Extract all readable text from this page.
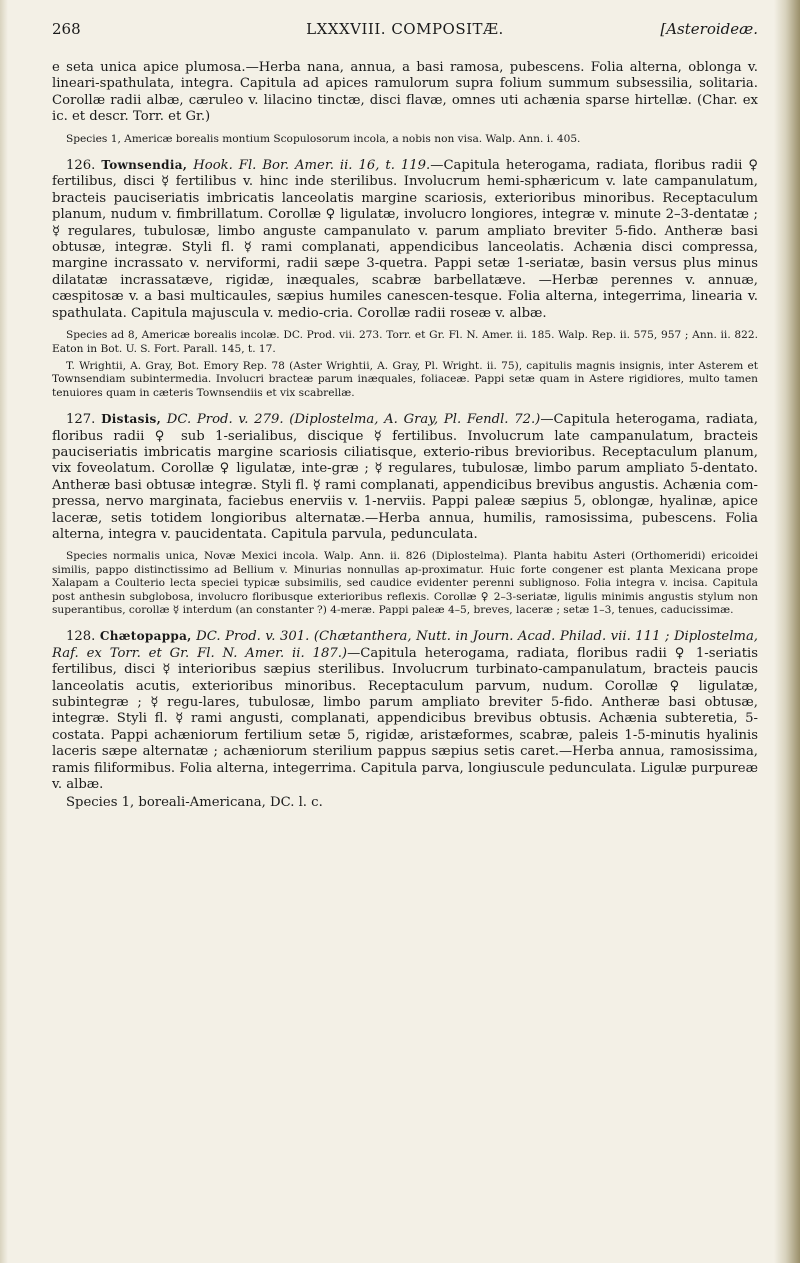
268	LXXXVIII. COMPOSITÆ.	[Asteroideæ.

e seta unica apice plumosa.—Herba nana, annua, a basi ramosa, pubescens. Folia alterna, oblonga v. lineari-spathulata, integra. Capitula ad apices ramulorum supra folium summum subsessilia, solitaria. Corollæ radii albæ, cæruleo v. lilacino tinctæ, disci flavæ, omnes uti achænia sparse hirtellæ. (Char. ex ic. et descr. Torr. et Gr.)

Species 1, Americæ borealis montium Scopulosorum incola, a nobis non visa. Walp. Ann. i. 405.

126. Townsendia, Hook. Fl. Bor. Amer. ii. 16, t. 119.—Capitula heterogama, radiata, floribus radii ♀ fertilibus, disci ☿ fertilibus v. hinc inde sterilibus. Involucrum hemi-sphæricum v. late campanulatum, bracteis pauciseriatis imbricatis lanceolatis margine scariosis, exterioribus minoribus. Receptaculum planum, nudum v. fimbrillatum. Corollæ ♀ ligulatæ, involucro longiores, integræ v. minute 2–3-dentatæ ; ☿ regulares, tubulosæ, limbo anguste campanulato v. parum ampliato breviter 5-fido. Antheræ basi obtusæ, integræ. Styli fl. ☿ rami complanati, appendicibus lanceolatis. Achænia disci compressa, margine incrassato v. nerviformi, radii sæpe 3-quetra. Pappi setæ 1-seriatæ, basin versus plus minus dilatatæ incrassatæve, rigidæ, inæquales, scabræ barbellatæve. —Herbæ perennes v. annuæ, cæspitosæ v. a basi multicaules, sæpius humiles canescen-tesque. Folia alterna, integerrima, linearia v. spathulata. Capitula majuscula v. medio-cria. Corollæ radii roseæ v. albæ.

Species ad 8, Americæ borealis incolæ. DC. Prod. vii. 273. Torr. et Gr. Fl. N. Amer. ii. 185. Walp. Rep. ii. 575, 957 ; Ann. ii. 822. Eaton in Bot. U. S. Fort. Parall. 145, t. 17.

T. Wrightii, A. Gray, Bot. Emory Rep. 78 (Aster Wrightii, A. Gray, Pl. Wright. ii. 75), capitulis magnis insignis, inter Asterem et Townsendiam subintermedia. Involucri bracteæ parum inæquales, foliaceæ. Pappi setæ quam in Astere rigidiores, multo tamen tenuiores quam in cæteris Townsendiis et vix scabrellæ.

127. Distasis, DC. Prod. v. 279. (Diplostelma, A. Gray, Pl. Fendl. 72.)—Capitula heterogama, radiata, floribus radii ♀ sub 1-serialibus, discique ☿ fertilibus. Involucrum late campanulatum, bracteis pauciseriatis imbricatis margine scariosis ciliatisque, exterio-ribus brevioribus. Receptaculum planum, vix foveolatum. Corollæ ♀ ligulatæ, inte-græ ; ☿ regulares, tubulosæ, limbo parum ampliato 5-dentato. Antheræ basi obtusæ integræ. Styli fl. ☿ rami complanati, appendicibus brevibus angustis. Achænia com-pressa, nervo marginata, faciebus enerviis v. 1-nerviis. Pappi paleæ sæpius 5, oblongæ, hyalinæ, apice laceræ, setis totidem longioribus alternatæ.—Herba annua, humilis, ramosissima, pubescens. Folia alterna, integra v. paucidentata. Capitula parvula, pedunculata.

Species normalis unica, Novæ Mexici incola. Walp. Ann. ii. 826 (Diplostelma). Planta habitu Asteri (Orthomeridi) ericoidei similis, pappo distinctissimo ad Bellium v. Minurias nonnullas ap-proximatur. Huic forte congener est planta Mexicana prope Xalapam a Coulterio lecta speciei typicæ subsimilis, sed caudice evidenter perenni sublignoso. Folia integra v. incisa. Capitula post anthesin subglobosa, involucro floribusque exterioribus reflexis. Corollæ ♀ 2–3-seriatæ, ligulis minimis angustis stylum non superantibus, corollæ ☿ interdum (an constanter ?) 4-meræ. Pappi paleæ 4–5, breves, laceræ ; setæ 1–3, tenues, caducissimæ.

128. Chætopappa, DC. Prod. v. 301. (Chætanthera, Nutt. in Journ. Acad. Philad. vii. 111 ; Diplostelma, Raf. ex Torr. et Gr. Fl. N. Amer. ii. 187.)—Capitula heterogama, radiata, floribus radii ♀ 1-seriatis fertilibus, disci ☿ interioribus sæpius sterilibus. Involucrum turbinato-campanulatum, bracteis paucis lanceolatis acutis, exterioribus minoribus. Receptaculum parvum, nudum. Corollæ ♀ ligulatæ, subintegræ ; ☿ regu-lares, tubulosæ, limbo parum ampliato breviter 5-fido. Antheræ basi obtusæ, integræ. Styli fl. ☿ rami angusti, complanati, appendicibus brevibus obtusis. Achænia subteretia, 5-costata. Pappi achæniorum fertilium setæ 5, rigidæ, aristæformes, scabræ, paleis 1-5-minutis hyalinis laceris sæpe alternatæ ; achæniorum sterilium pappus sæpius setis caret.—Herba annua, ramosissima, ramis filiformibus. Folia alterna, integerrima. Capitula parva, longiuscule pedunculata. Ligulæ purpureæ v. albæ.

Species 1, boreali-Americana, DC. l. c.
